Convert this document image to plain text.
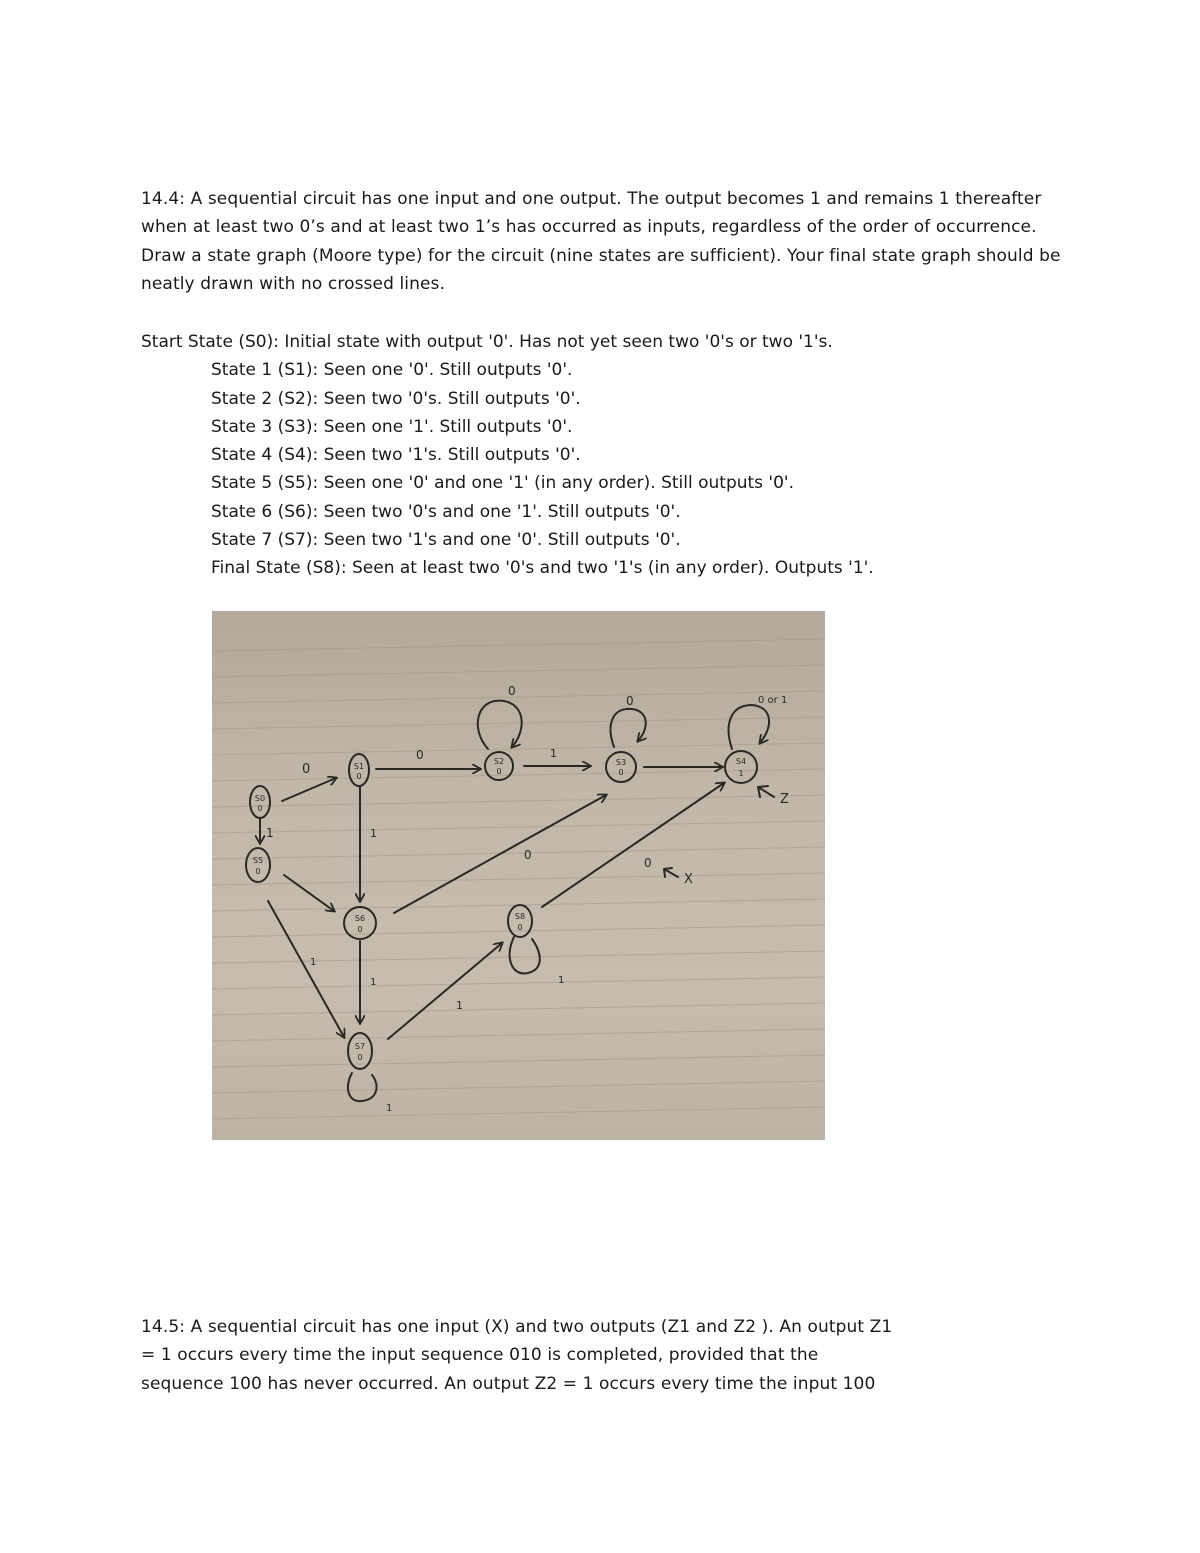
14.4: A sequential circuit has one input and one output. The output becomes 1 and remains 1 thereafter when at least two 0’s and at least two 1’s has occurred as inputs, regardless of the order of occurrence. Draw a state graph (Moore type) for the circuit (nine states are sufficient). Your final state graph should be neatly drawn with no crossed lines.
Start State (S0): Initial state with output '0'. Has not yet seen two '0's or two '1's.
State 1 (S1): Seen one '0'. Still outputs '0'.
State 2 (S2): Seen two '0's. Still outputs '0'.
State 3 (S3): Seen one '1'. Still outputs '0'.
State 4 (S4): Seen two '1's. Still outputs '0'.
State 5 (S5): Seen one '0' and one '1' (in any order). Still outputs '0'.
State 6 (S6): Seen two '0's and one '1'. Still outputs '0'.
State 7 (S7): Seen two '1's and one '0'. Still outputs '0'.
Final State (S8): Seen at least two '0's and two '1's (in any order). Outputs '1'.
S0
0
S1
0
S2
0
S3
0
S4
1
S5
0
S6
0
S7
0
S8
0
0
1
0
1
0
1
0	0 or 1
0
0
1
1
1
1
1
Z
X
14.5: A sequential circuit has one input (X) and two outputs (Z1 and Z2 ). An output Z1 = 1 occurs every time the input sequence 010 is completed, provided that the sequence 100 has never occurred. An output Z2 = 1 occurs every time the input 100
